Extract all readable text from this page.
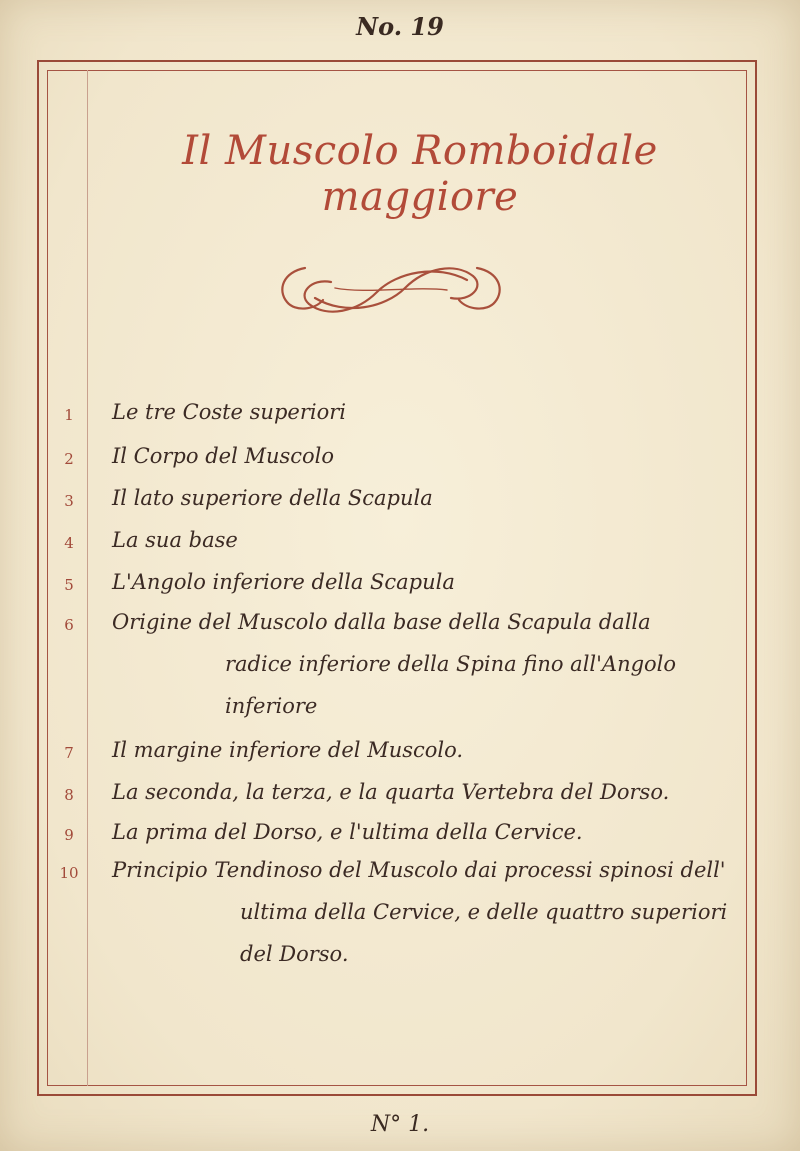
No. 19
Il Muscolo Romboidale maggiore
1	Le tre Coste superiori
2	Il Corpo del Muscolo
3	Il lato superiore della Scapula
4	La sua base
5	L'Angolo inferiore della Scapula
6	Origine del Muscolo dalla base della Scapula dalla
radice inferiore della Spina fino all'Angolo
inferiore
7	Il margine inferiore del Muscolo.
8	La seconda, la terza, e la quarta Vertebra del Dorso.
9	La prima del Dorso, e l'ultima della Cervice.
10	Principio Tendinoso del Muscolo dai processi spinosi dell'
ultima della Cervice, e delle quattro superiori
del Dorso.
N° 1.
